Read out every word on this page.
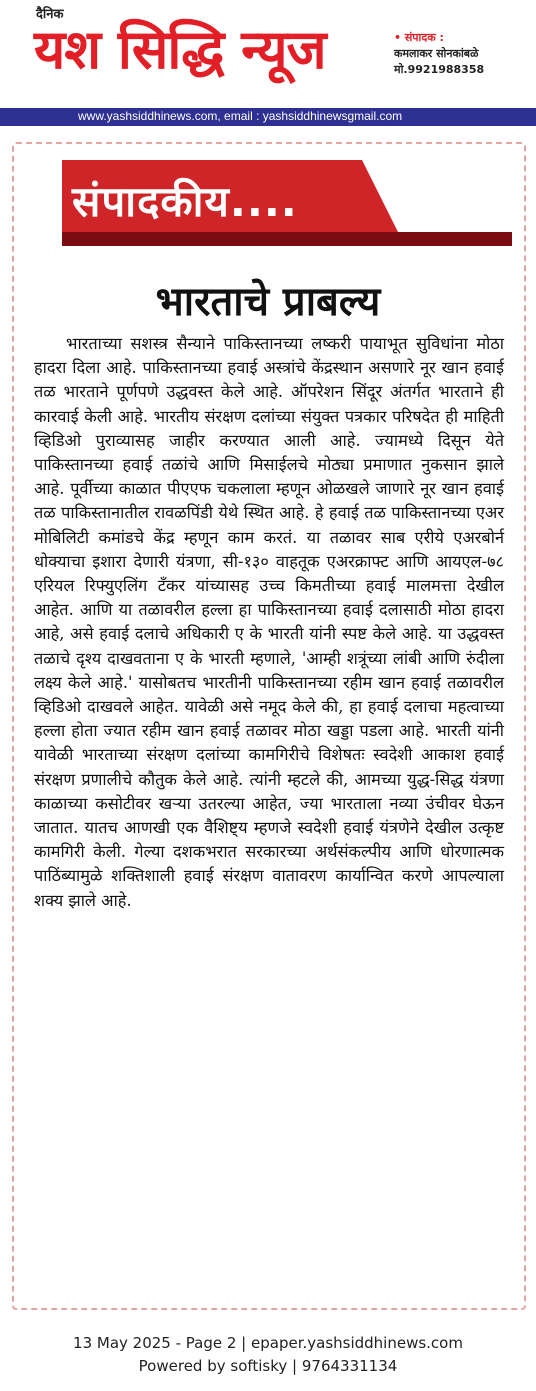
दैनिक
यश सिद्धि न्यूज	• संपादक :
कमलाकर सोनकांबळे
मो.9921988358
www.yashsiddhinews.com, email : yashsiddhinewsgmail.com
संपादकीय....
भारताचे प्राबल्य

भारताच्या सशस्त्र सैन्याने पाकिस्तानच्या लष्करी पायाभूत सुविधांना मोठा हादरा दिला आहे. पाकिस्तानच्या हवाई अस्त्रांचे केंद्रस्थान असणारे नूर खान हवाई तळ भारताने पूर्णपणे उद्धवस्त केले आहे. ऑपरेशन सिंदूर अंतर्गत भारताने ही कारवाई केली आहे. भारतीय संरक्षण दलांच्या संयुक्त पत्रकार परिषदेत ही माहिती व्हिडिओ पुराव्यासह जाहीर करण्यात आली आहे. ज्यामध्ये दिसून येते पाकिस्तानच्या हवाई तळांचे आणि मिसाईलचे मोठ्या प्रमाणात नुकसान झाले आहे. पूर्वीच्या काळात पीएएफ चकलाला म्हणून ओळखले जाणारे नूर खान हवाई तळ पाकिस्तानातील रावळपिंडी येथे स्थित आहे. हे हवाई तळ पाकिस्तानच्या एअर मोबिलिटी कमांडचे केंद्र म्हणून काम करतं. या तळावर साब एरीये एअरबोर्न धोक्याचा इशारा देणारी यंत्रणा, सी-१३० वाहतूक एअरक्राफ्ट आणि आयएल-७८ एरियल रिफ्युएलिंग टँकर यांच्यासह उच्च किमतीच्या हवाई मालमत्ता देखील आहेत. आणि या तळावरील हल्ला हा पाकिस्तानच्या हवाई दलासाठी मोठा हादरा आहे, असे हवाई दलाचे अधिकारी ए के भारती यांनी स्पष्ट केले आहे. या उद्धवस्त तळाचे दृश्य दाखवताना ए के भारती म्हणाले, 'आम्ही शत्रूंच्या लांबी आणि रुंदीला लक्ष्य केले आहे.' यासोबतच भारतीनी पाकिस्तानच्या रहीम खान हवाई तळावरील व्हिडिओ दाखवले आहेत. यावेळी असे नमूद केले की, हा हवाई दलाचा महत्वाच्या हल्ला होता ज्यात रहीम खान हवाई तळावर मोठा खड्डा पडला आहे. भारती यांनी यावेळी भारताच्या संरक्षण दलांच्या कामगिरीचे विशेषतः स्वदेशी आकाश हवाई संरक्षण प्रणालीचे कौतुक केले आहे. त्यांनी म्हटले की, आमच्या युद्ध-सिद्ध यंत्रणा काळाच्या कसोटीवर खऱ्या उतरल्या आहेत, ज्या भारताला नव्या उंचीवर घेऊन जातात. यातच आणखी एक वैशिष्ट्य म्हणजे स्वदेशी हवाई यंत्रणेने देखील उत्कृष्ट कामगिरी केली. गेल्या दशकभरात सरकारच्या अर्थसंकल्पीय आणि धोरणात्मक पाठिंब्यामुळे शक्तिशाली हवाई संरक्षण वातावरण कार्यान्वित करणे आपल्याला शक्य झाले आहे.

13 May 2025 - Page 2 | epaper.yashsiddhinews.com
Powered by softisky | 9764331134
